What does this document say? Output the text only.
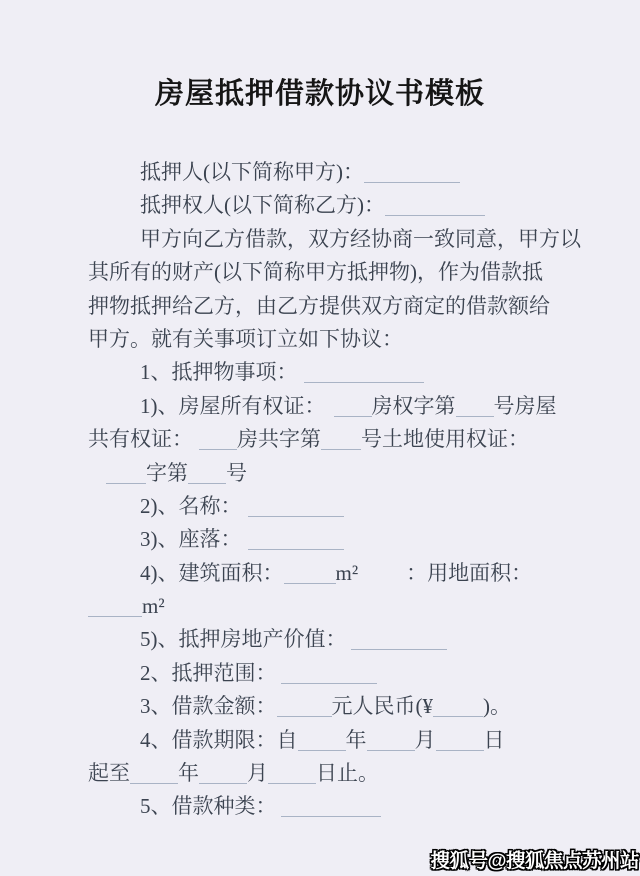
房屋抵押借款协议书模板
抵押人(以下简称甲方)：
抵押权人(以下简称乙方)：
甲方向乙方借款，双方经协商一致同意，甲方以
其所有的财产(以下简称甲方抵押物)，作为借款抵
押物抵押给乙方，由乙方提供双方商定的借款额给
甲方。就有关事项订立如下协议：
1、抵押物事项：
1)、房屋所有权证： 房权字第 号房屋
共有权证： 房共字第 号土地使用权证：
字第 号
2)、名称：
3)、座落：
4)、建筑面积： m² ：用地面积：
m²
5)、抵押房地产价值：
2、抵押范围：
3、借款金额：	元人民币(¥ )。
4、借款期限：自 年 月 日
起至 年 月 日止。
5、借款种类：
搜狐号@搜狐焦点苏州站
